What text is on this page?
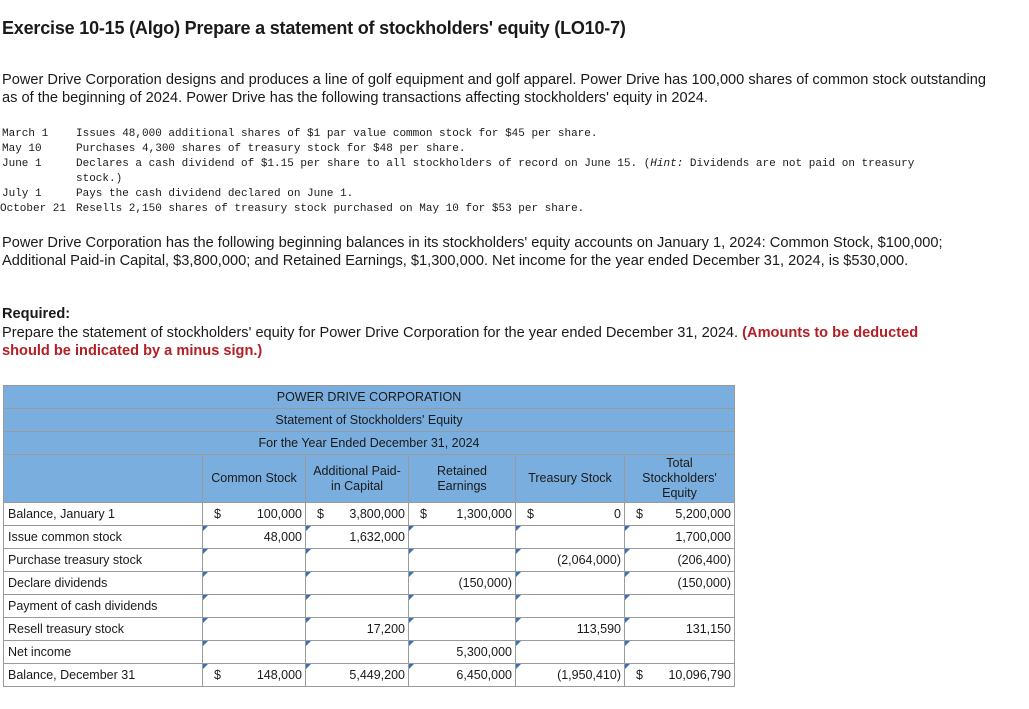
Exercise 10-15 (Algo) Prepare a statement of stockholders' equity (LO10-7)
Power Drive Corporation designs and produces a line of golf equipment and golf apparel. Power Drive has 100,000 shares of common stock outstanding as of the beginning of 2024. Power Drive has the following transactions affecting stockholders' equity in 2024.
March 1	Issues 48,000 additional shares of $1 par value common stock for $45 per share.
May 10	Purchases 4,300 shares of treasury stock for $48 per share.
June 1	Declares a cash dividend of $1.15 per share to all stockholders of record on June 15. (Hint: Dividends are not paid on treasury stock.)
July 1	Pays the cash dividend declared on June 1.
October 21 Resells 2,150 shares of treasury stock purchased on May 10 for $53 per share.
Power Drive Corporation has the following beginning balances in its stockholders' equity accounts on January 1, 2024: Common Stock, $100,000; Additional Paid-in Capital, $3,800,000; and Retained Earnings, $1,300,000. Net income for the year ended December 31, 2024, is $530,000.
Required:
Prepare the statement of stockholders' equity for Power Drive Corporation for the year ended December 31, 2024. (Amounts to be deducted should be indicated by a minus sign.)
POWER DRIVE CORPORATION					
Statement of Stockholders' Equity					
For the Year Ended December 31, 2024					
	Common Stock	Additional Paid-in Capital	Retained Earnings	Treasury Stock	Total Stockholders' Equity
Balance, January 1	$ 100,000	$ 3,800,000	$ 1,300,000	$ 0	$ 5,200,000

Issue common stock	48,000	1,632,000			1,700,000

Purchase treasury stock				(2,064,000)	(206,400)

Declare dividends			(150,000)		(150,000)

Payment of cash dividends	

Resell treasury stock		17,200		113,590	131,150

Net income			5,300,000		

Balance, December 31	$ 148,000	5,449,200	6,450,000	(1,950,410)	$ 10,096,790
